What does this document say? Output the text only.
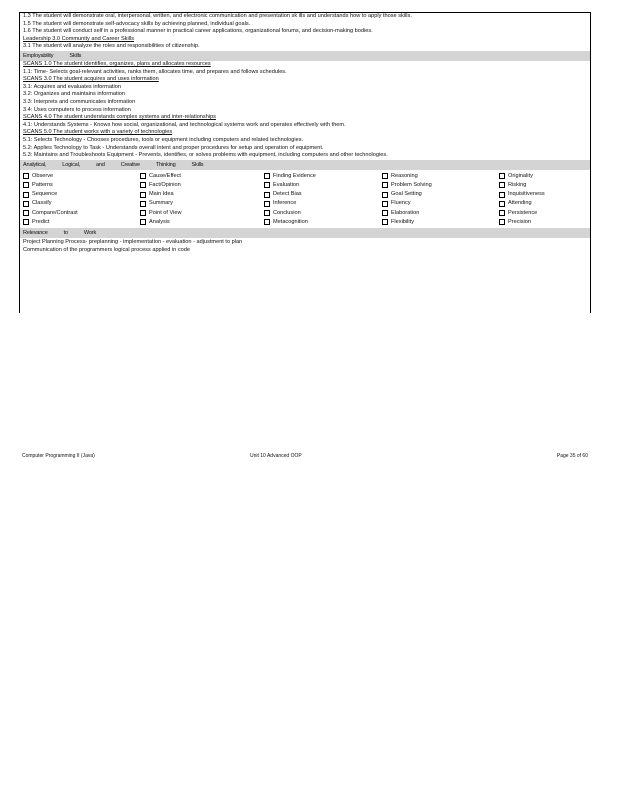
1.3 The student will demonstrate oral, interpersonal, written, and electronic communication and presentation sk ills and understands how to apply those skills.
1.5 The student will demonstrate self-advocacy skills by achieving planned, individual goals.
1.6 The student will conduct self in a professional manner in practical career applications, organizational forums, and decision-making bodies.
Leadership 3.0 Community and Career Skills
3.1 The student will analyze the roles and responsibilities of citizenship.
Employability	Skills
SCANS 1.0 The student identifies, organizes, plans and allocates resources
1.1: Time- Selects goal-relevant activities, ranks them, allocates time, and prepares and follows schedules.
SCANS 3.0 The student acquires and uses information
3.1: Acquires and evaluates information
3.2: Organizes and maintains information
3.3: Interprets and communicates information
3.4: Uses computers to process information
SCANS 4.0 The student understands complex systems and inter-relationships
4.1: Understands Systems - Knows how social, organizational, and technological systems work and operates effectively with them.
SCANS 5.0 The student works with a variety of technologies
5.1: Selects Technology - Chooses procedures, tools or equipment including computers and related technologies.
5.2: Applies Technology to Task - Understands overall intent and proper procedures for setup and operation of equipment.
5.3: Maintains and Troubleshoots Equipment - Prevents, identifies, or solves problems with equipment, including computers and other technologies.
Analytical,	Logical,	and	Creative	Thinking	Skills
Observe	Cause/Effect	Finding Evidence	Reasoning	Originality
Patterns	Fact/Opinion	Evaluation	Problem Solving	Risking
Sequence	Main Idea	Detect Bias	Goal Setting	Inquisitiveness
Classify	Summary	Inference	Fluency	Attending
Compare/Contrast	Point of View	Conclusion	Elaboration	Persistence
Predict	Analysis	Metacognition	Flexibility	Precision
Relevance	to	Work
Project Planning Process- preplanning - implementation - evaluation - adjustment to plan
Communication of the programmers logical process applied in code
Computer Programming II (Java)	Unit 10 Advanced OOP	Page 35 of 60
